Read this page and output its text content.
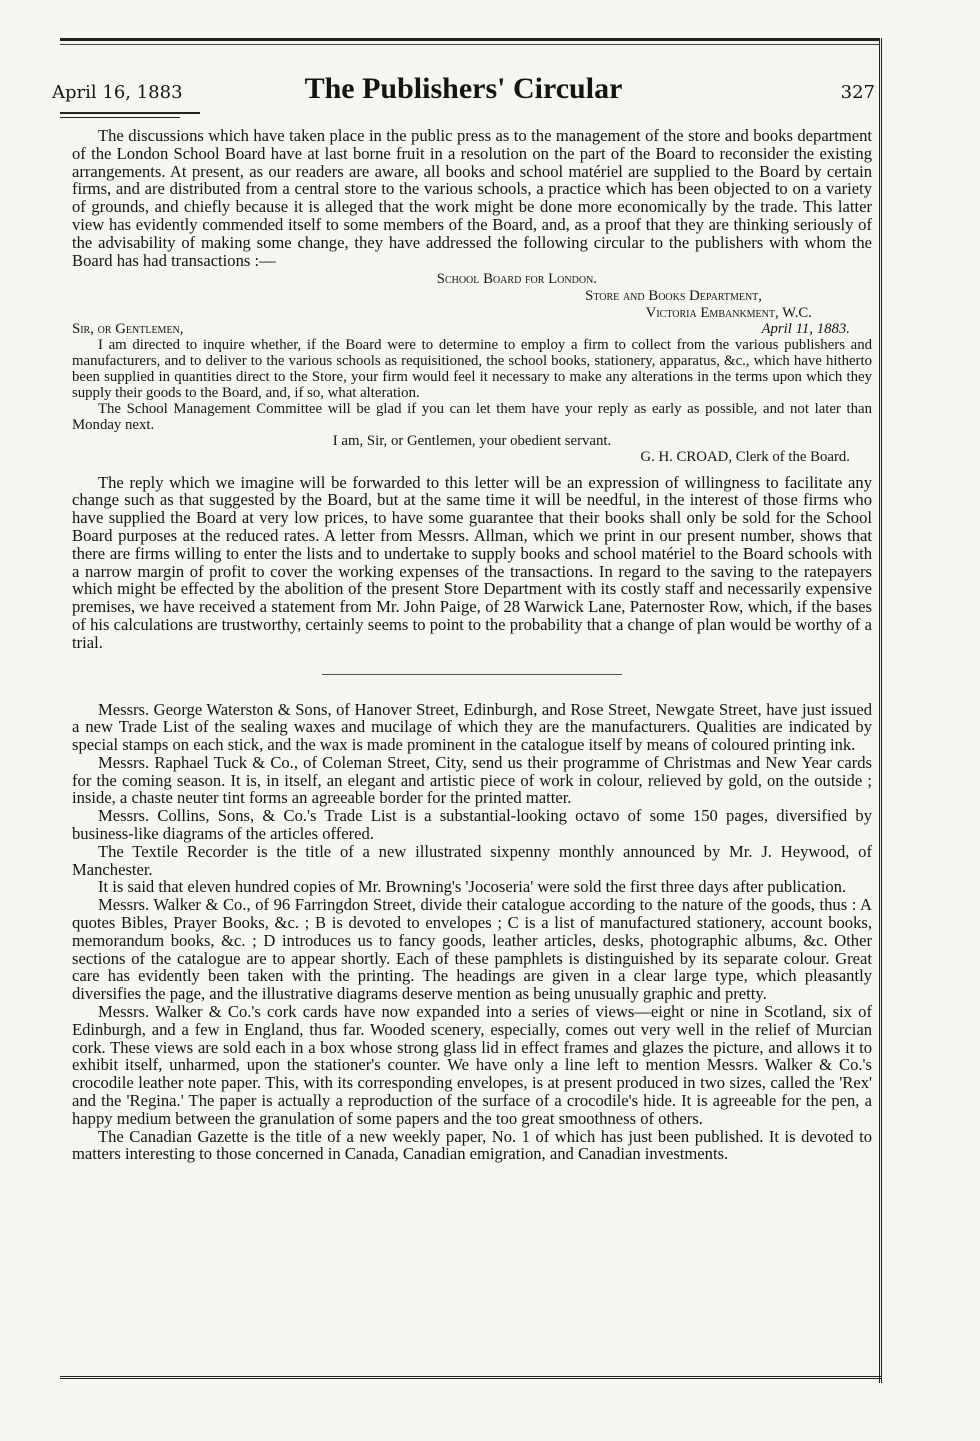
April 16, 1883	The Publishers' Circular	327

The discussions which have taken place in the public press as to the management of the store and books department of the London School Board have at last borne fruit in a resolution on the part of the Board to reconsider the existing arrangements. At present, as our readers are aware, all books and school matériel are supplied to the Board by certain firms, and are distributed from a central store to the various schools, a practice which has been objected to on a variety of grounds, and chiefly because it is alleged that the work might be done more economically by the trade. This latter view has evidently commended itself to some members of the Board, and, as a proof that they are thinking seriously of the advisability of making some change, they have addressed the following circular to the publishers with whom the Board has had transactions :—

School Board for London.

Store and Books Department,

Victoria Embankment, W.C.

Sir, or Gentlemen,	April 11, 1883.

I am directed to inquire whether, if the Board were to determine to employ a firm to collect from the various publishers and manufacturers, and to deliver to the various schools as requisitioned, the school books, stationery, apparatus, &c., which have hitherto been supplied in quantities direct to the Store, your firm would feel it necessary to make any alterations in the terms upon which they supply their goods to the Board, and, if so, what alteration.

The School Management Committee will be glad if you can let them have your reply as early as possible, and not later than Monday next.

I am, Sir, or Gentlemen, your obedient servant.

G. H. CROAD, Clerk of the Board.

The reply which we imagine will be forwarded to this letter will be an expression of willingness to facilitate any change such as that suggested by the Board, but at the same time it will be needful, in the interest of those firms who have supplied the Board at very low prices, to have some guarantee that their books shall only be sold for the School Board purposes at the reduced rates. A letter from Messrs. Allman, which we print in our present number, shows that there are firms willing to enter the lists and to undertake to supply books and school matériel to the Board schools with a narrow margin of profit to cover the working expenses of the transactions. In regard to the saving to the ratepayers which might be effected by the abolition of the present Store Department with its costly staff and necessarily expensive premises, we have received a statement from Mr. John Paige, of 28 Warwick Lane, Paternoster Row, which, if the bases of his calculations are trustworthy, certainly seems to point to the probability that a change of plan would be worthy of a trial.

Messrs. George Waterston & Sons, of Hanover Street, Edinburgh, and Rose Street, Newgate Street, have just issued a new Trade List of the sealing waxes and mucilage of which they are the manufacturers. Qualities are indicated by special stamps on each stick, and the wax is made prominent in the catalogue itself by means of coloured printing ink.

Messrs. Raphael Tuck & Co., of Coleman Street, City, send us their programme of Christmas and New Year cards for the coming season. It is, in itself, an elegant and artistic piece of work in colour, relieved by gold, on the outside ; inside, a chaste neuter tint forms an agreeable border for the printed matter.

Messrs. Collins, Sons, & Co.'s Trade List is a substantial-looking octavo of some 150 pages, diversified by business-like diagrams of the articles offered.

The Textile Recorder is the title of a new illustrated sixpenny monthly announced by Mr. J. Heywood, of Manchester.

It is said that eleven hundred copies of Mr. Browning's 'Jocoseria' were sold the first three days after publication.

Messrs. Walker & Co., of 96 Farringdon Street, divide their catalogue according to the nature of the goods, thus : A quotes Bibles, Prayer Books, &c. ; B is devoted to envelopes ; C is a list of manufactured stationery, account books, memorandum books, &c. ; D introduces us to fancy goods, leather articles, desks, photographic albums, &c. Other sections of the catalogue are to appear shortly. Each of these pamphlets is distinguished by its separate colour. Great care has evidently been taken with the printing. The headings are given in a clear large type, which pleasantly diversifies the page, and the illustrative diagrams deserve mention as being unusually graphic and pretty.

Messrs. Walker & Co.'s cork cards have now expanded into a series of views—eight or nine in Scotland, six of Edinburgh, and a few in England, thus far. Wooded scenery, especially, comes out very well in the relief of Murcian cork. These views are sold each in a box whose strong glass lid in effect frames and glazes the picture, and allows it to exhibit itself, unharmed, upon the stationer's counter. We have only a line left to mention Messrs. Walker & Co.'s crocodile leather note paper. This, with its corresponding envelopes, is at present produced in two sizes, called the 'Rex' and the 'Regina.' The paper is actually a reproduction of the surface of a crocodile's hide. It is agreeable for the pen, a happy medium between the granulation of some papers and the too great smoothness of others.

The Canadian Gazette is the title of a new weekly paper, No. 1 of which has just been published. It is devoted to matters interesting to those concerned in Canada, Canadian emigration, and Canadian investments.
